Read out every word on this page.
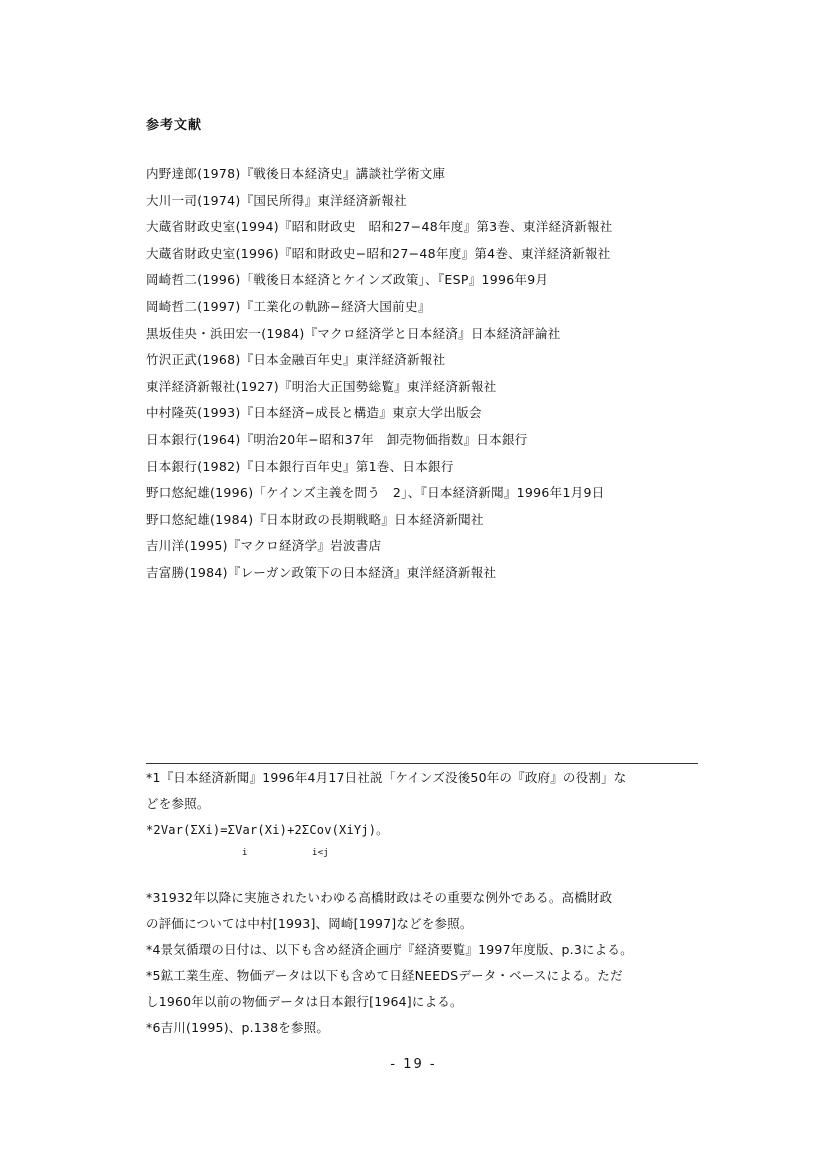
参考文献
内野達郎(1978)『戦後日本経済史』講談社学術文庫
大川一司(1974)『国民所得』東洋経済新報社
大蔵省財政史室(1994)『昭和財政史　昭和27−48年度』第3巻、東洋経済新報社
大蔵省財政史室(1996)『昭和財政史−昭和27−48年度』第4巻、東洋経済新報社
岡崎哲二(1996)「戦後日本経済とケインズ政策」、『ESP』1996年9月
岡崎哲二(1997)『工業化の軌跡−経済大国前史』
黒坂佳央・浜田宏一(1984)『マクロ経済学と日本経済』日本経済評論社
竹沢正武(1968)『日本金融百年史』東洋経済新報社
東洋経済新報社(1927)『明治大正国勢総覧』東洋経済新報社
中村隆英(1993)『日本経済−成長と構造』東京大学出版会
日本銀行(1964)『明治20年−昭和37年　卸売物価指数』日本銀行
日本銀行(1982)『日本銀行百年史』第1巻、日本銀行
野口悠紀雄(1996)「ケインズ主義を問う　2」、『日本経済新聞』1996年1月9日
野口悠紀雄(1984)『日本財政の長期戦略』日本経済新聞社
吉川洋(1995)『マクロ経済学』岩波書店
吉富勝(1984)『レーガン政策下の日本経済』東洋経済新報社
*1『日本経済新聞』1996年4月17日社説「ケインズ没後50年の『政府』の役割」な
どを参照。
*2Var(ΣXi)=ΣVar(Xi)+2ΣCov(XiYj)。
i　　　　　　　i<j
*31932年以降に実施されたいわゆる高橋財政はその重要な例外である。高橋財政
の評価については中村[1993]、岡崎[1997]などを参照。
*4景気循環の日付は、以下も含め経済企画庁『経済要覧』1997年度版、p.3による。
*5鉱工業生産、物価データは以下も含めて日経NEEDSデータ・ベースによる。ただ
し1960年以前の物価データは日本銀行[1964]による。
*6吉川(1995)、p.138を参照。
- 19 -
